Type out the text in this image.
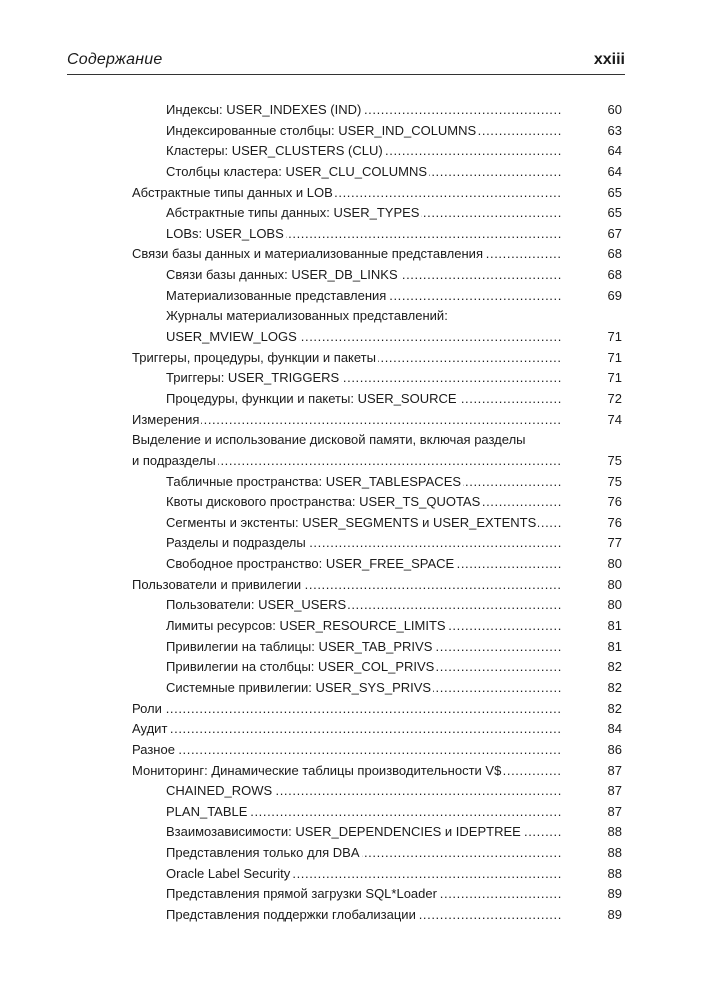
Содержание	xxiii
Индексы: USER_INDEXES (IND) .....	60
Индексированные столбцы: USER_IND_COLUMNS .....	63
Кластеры: USER_CLUSTERS (CLU) .....	64
Столбцы кластера: USER_CLU_COLUMNS .....	64
Абстрактные типы данных и LOB .....	65
Абстрактные типы данных: USER_TYPES .....	65
LOBs: USER_LOBS .....	67
Связи базы данных и материализованные представления .....	68
Связи базы данных: USER_DB_LINKS .....	68
Материализованные представления .....	69
Журналы материализованных представлений:
USER_MVIEW_LOGS .....	71
Триггеры, процедуры, функции и пакеты .....	71
Триггеры: USER_TRIGGERS .....	71
Процедуры, функции и пакеты: USER_SOURCE .....	72
Измерения .....	74
Выделение и использование дисковой памяти, включая разделы
и подразделы .....	75
Табличные пространства: USER_TABLESPACES .....	75
Квоты дискового пространства: USER_TS_QUOTAS .....	76
Сегменты и экстенты: USER_SEGMENTS и USER_EXTENTS .....	76
Разделы и подразделы .....	77
Свободное пространство: USER_FREE_SPACE .....	80
Пользователи и привилегии .....	80
Пользователи: USER_USERS .....	80
Лимиты ресурсов: USER_RESOURCE_LIMITS .....	81
Привилегии на таблицы: USER_TAB_PRIVS .....	81
Привилегии на столбцы: USER_COL_PRIVS .....	82
Системные привилегии: USER_SYS_PRIVS .....	82
Роли .....	82
Аудит .....	84
Разное .....	86
Мониторинг: Динамические таблицы производительности V$ .....	87
CHAINED_ROWS .....	87
PLAN_TABLE .....	87
Взаимозависимости: USER_DEPENDENCIES и IDEPTREE .....	88
Представления только для DBA .....	88
Oracle Label Security .....	88
Представления прямой загрузки SQL*Loader .....	89
Представления поддержки глобализации .....	89
